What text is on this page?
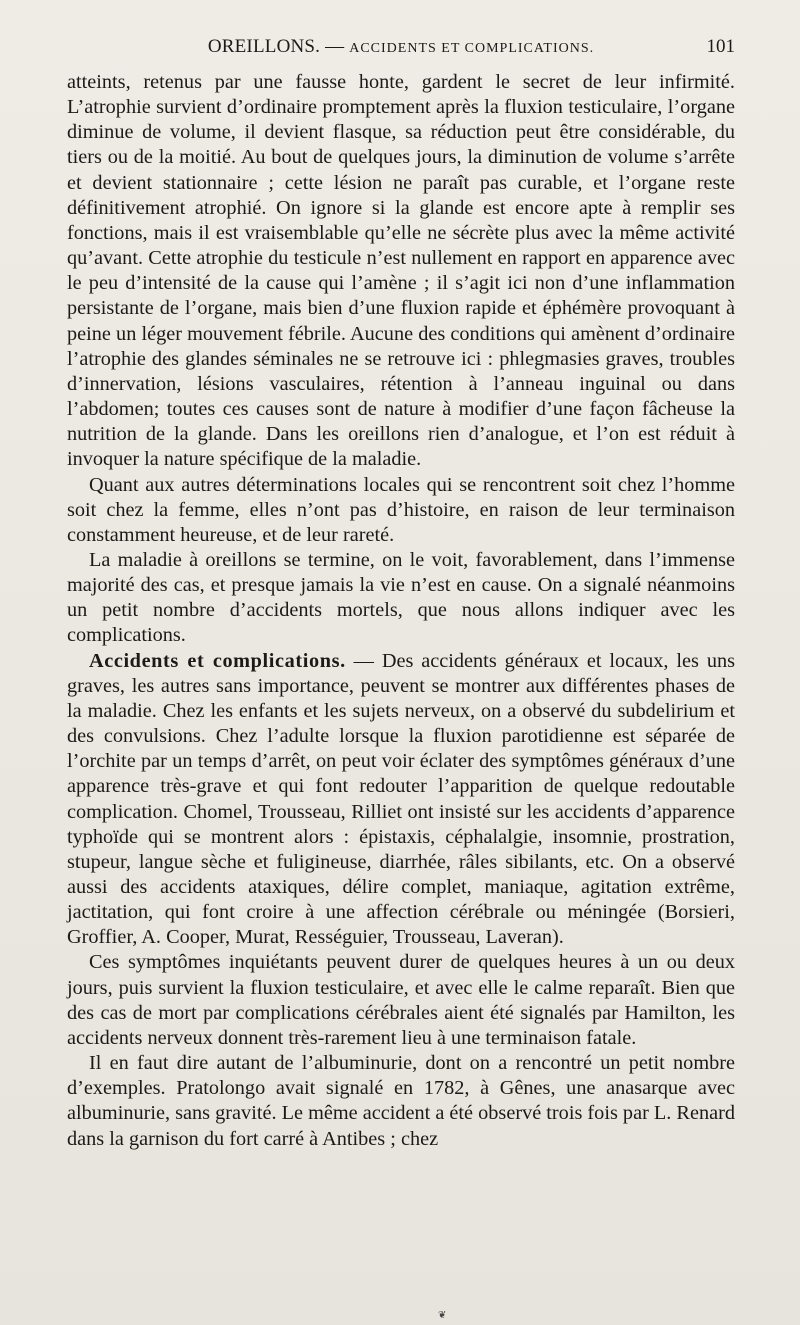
OREILLONS. — ACCIDENTS ET COMPLICATIONS.	101

atteints, retenus par une fausse honte, gardent le secret de leur infirmité. L’atrophie survient d’ordinaire promptement après la fluxion testiculaire, l’organe diminue de volume, il devient flasque, sa réduction peut être considérable, du tiers ou de la moitié. Au bout de quelques jours, la diminution de volume s’arrête et devient stationnaire ; cette lésion ne paraît pas curable, et l’organe reste définitivement atrophié. On ignore si la glande est encore apte à remplir ses fonctions, mais il est vraisemblable qu’elle ne sécrète plus avec la même activité qu’avant. Cette atrophie du testicule n’est nullement en rapport en apparence avec le peu d’intensité de la cause qui l’amène ; il s’agit ici non d’une inflammation persistante de l’organe, mais bien d’une fluxion rapide et éphémère provoquant à peine un léger mouvement fébrile. Aucune des conditions qui amènent d’ordinaire l’atrophie des glandes séminales ne se retrouve ici : phlegmasies graves, troubles d’innervation, lésions vasculaires, rétention à l’anneau inguinal ou dans l’abdomen; toutes ces causes sont de nature à modifier d’une façon fâcheuse la nutrition de la glande. Dans les oreillons rien d’analogue, et l’on est réduit à invoquer la nature spécifique de la maladie.

Quant aux autres déterminations locales qui se rencontrent soit chez l’homme soit chez la femme, elles n’ont pas d’histoire, en raison de leur terminaison constamment heureuse, et de leur rareté.

La maladie à oreillons se termine, on le voit, favorablement, dans l’immense majorité des cas, et presque jamais la vie n’est en cause. On a signalé néanmoins un petit nombre d’accidents mortels, que nous allons indiquer avec les complications.

Accidents et complications. — Des accidents généraux et locaux, les uns graves, les autres sans importance, peuvent se montrer aux différentes phases de la maladie. Chez les enfants et les sujets nerveux, on a observé du subdelirium et des convulsions. Chez l’adulte lorsque la fluxion parotidienne est séparée de l’orchite par un temps d’arrêt, on peut voir éclater des symptômes généraux d’une apparence très-grave et qui font redouter l’apparition de quelque redoutable complication. Chomel, Trousseau, Rilliet ont insisté sur les accidents d’apparence typhoïde qui se montrent alors : épistaxis, céphalalgie, insomnie, prostration, stupeur, langue sèche et fuligineuse, diarrhée, râles sibilants, etc. On a observé aussi des accidents ataxiques, délire complet, maniaque, agitation extrême, jactitation, qui font croire à une affection cérébrale ou méningée (Borsieri, Groffier, A. Cooper, Murat, Rességuier, Trousseau, Laveran).

Ces symptômes inquiétants peuvent durer de quelques heures à un ou deux jours, puis survient la fluxion testiculaire, et avec elle le calme reparaît. Bien que des cas de mort par complications cérébrales aient été signalés par Hamilton, les accidents nerveux donnent très-rarement lieu à une terminaison fatale.

Il en faut dire autant de l’albuminurie, dont on a rencontré un petit nombre d’exemples. Pratolongo avait signalé en 1782, à Gênes, une anasarque avec albuminurie, sans gravité. Le même accident a été observé trois fois par L. Renard dans la garnison du fort carré à Antibes ; chez

❦
